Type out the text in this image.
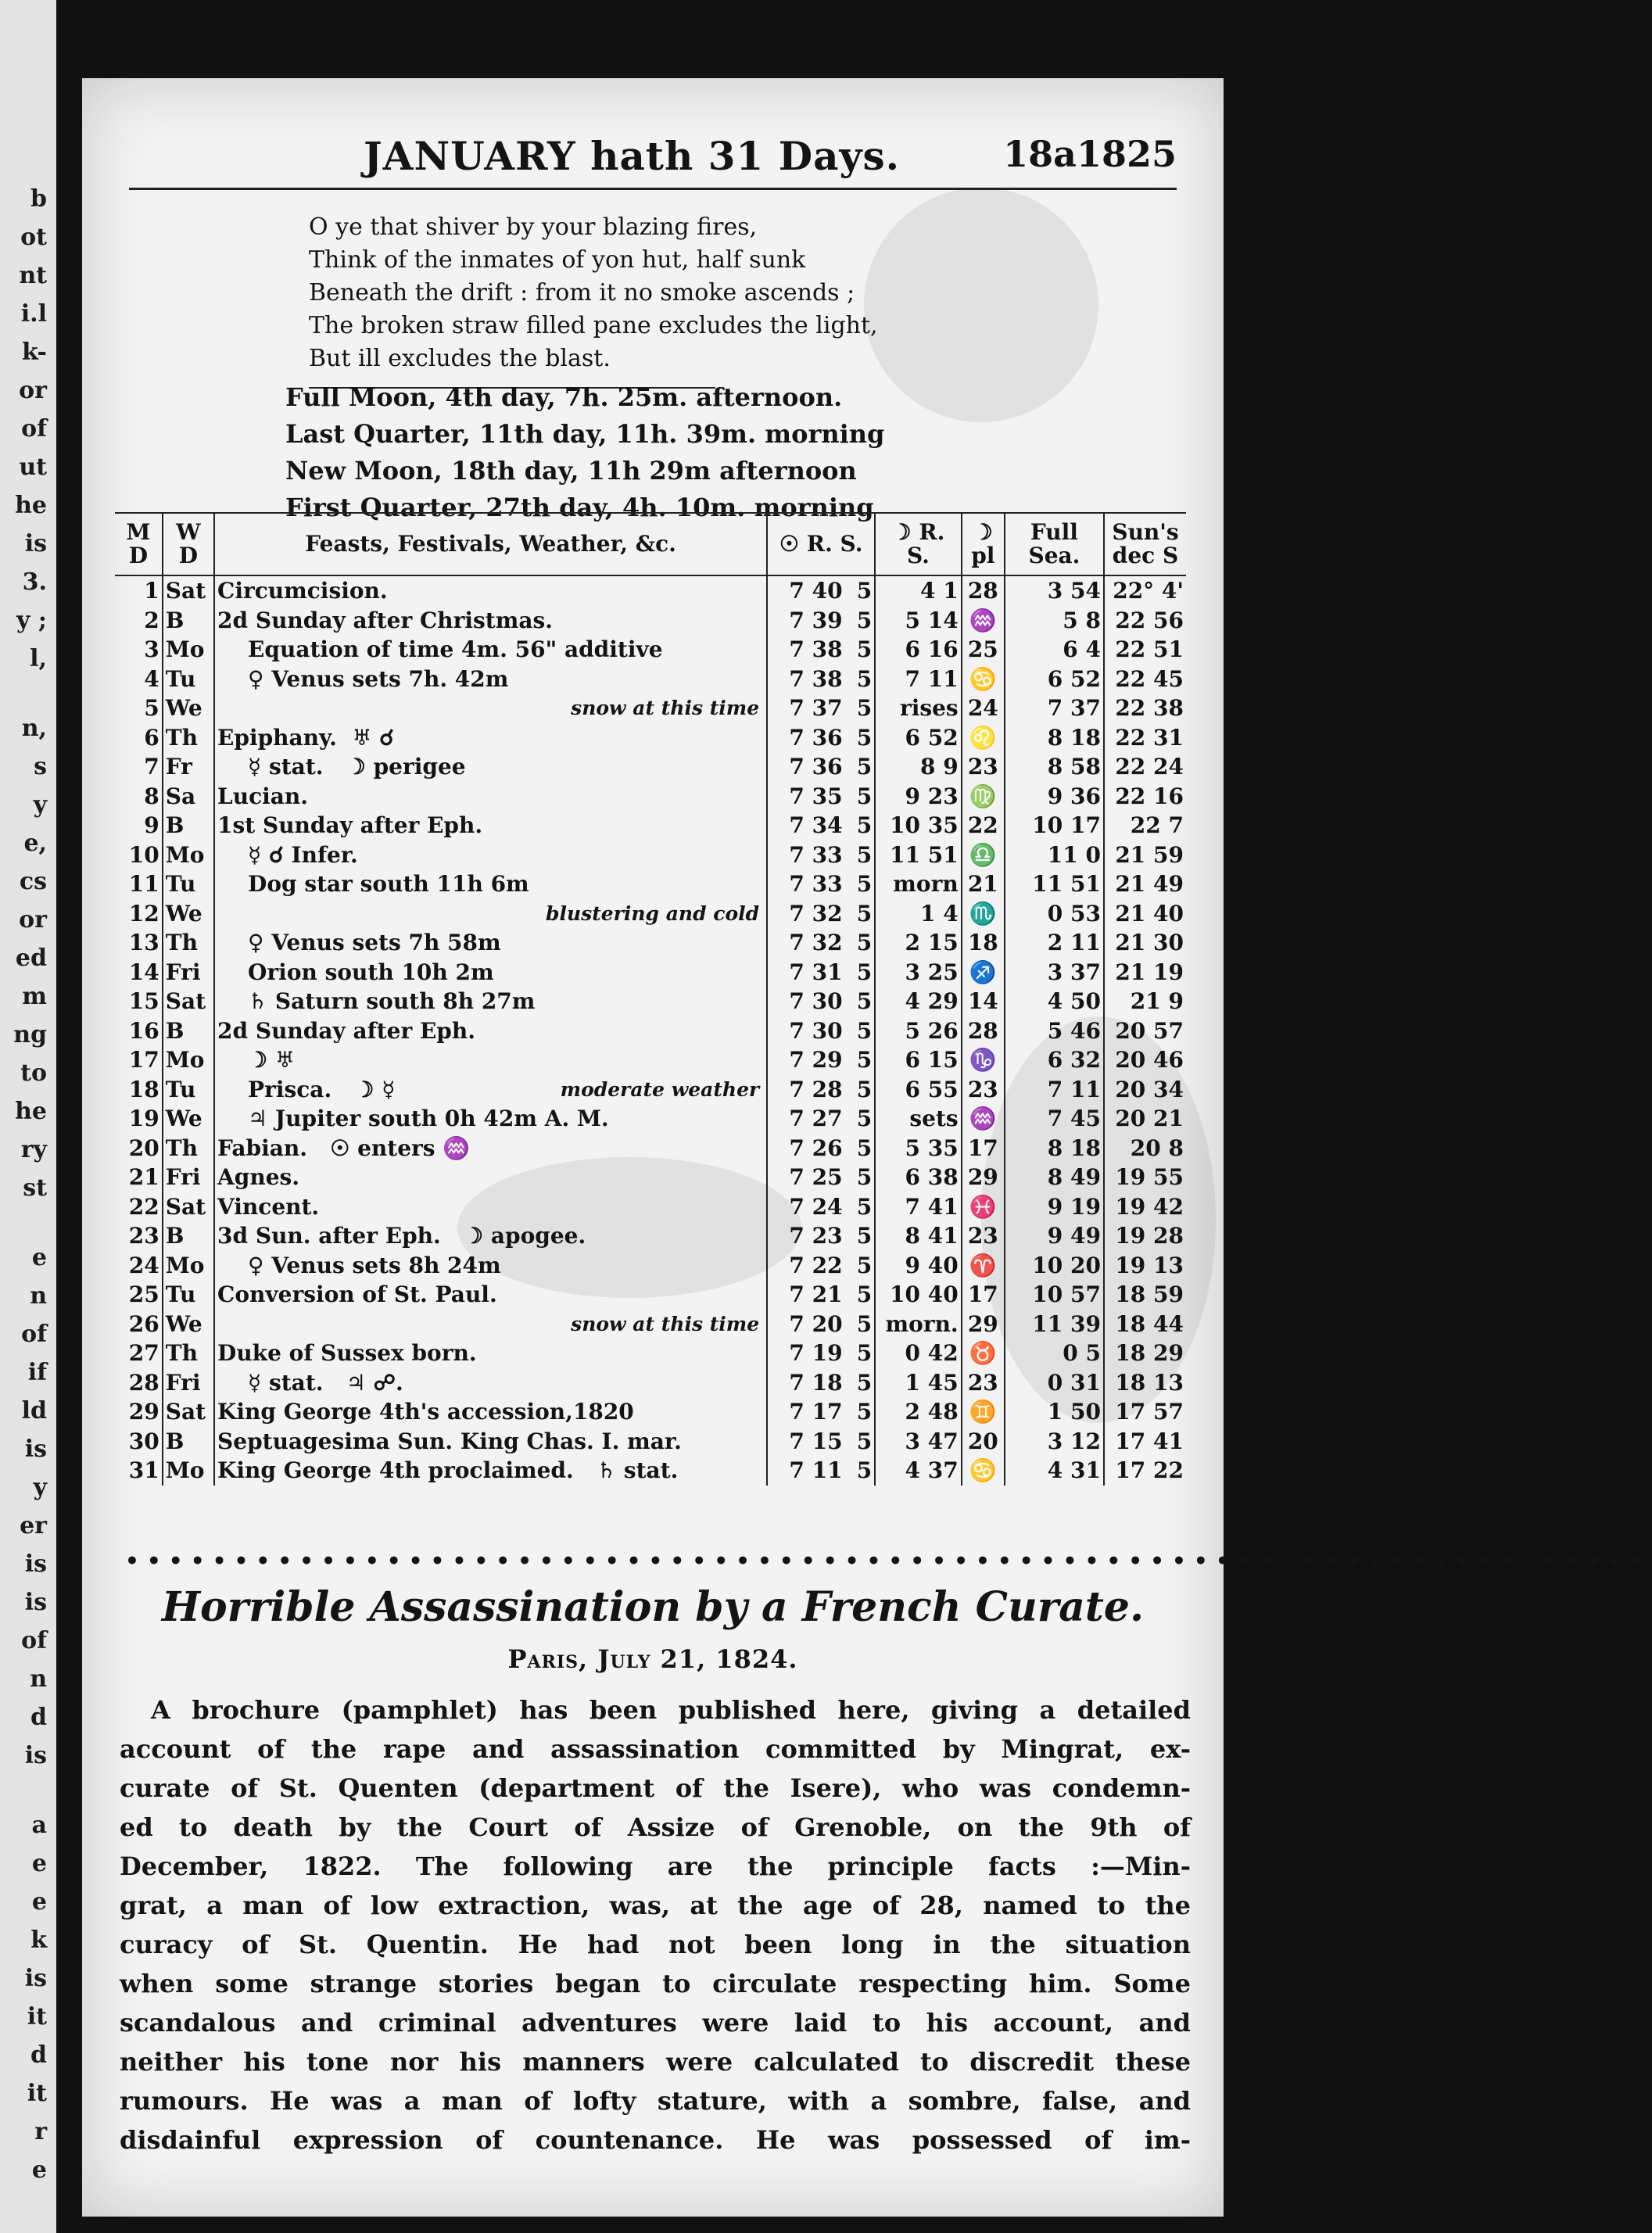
b
ot
nt
i.l
k-
or
of
ut
he
is
3.
y ;
l,
n,
s
y
e,
cs
or
ed
m
ng
to
he
ry
st
e
n
of
if
ld
is
y
er
is
is
of
n
d
is
a
e
e
k
is
it
d
it
r
e
JANUARY hath 31 Days.	18a1825
O ye that shiver by your blazing fires,
Think of the inmates of yon hut, half sunk
Beneath the drift : from it no smoke ascends ;
The broken straw filled pane excludes the light,
But ill excludes the blast.
Full Moon, 4th day, 7h. 25m. afternoon.
Last Quarter, 11th day, 11h. 39m. morning
New Moon, 18th day, 11h 29m afternoon
First Quarter, 27th day, 4h. 10m. morning
M D	W D	Feasts, Festivals, Weather, &c.	☉ R. S.		☽ R. S.	☽ pl	Full Sea.	Sun's dec S
1	Sat	Circumcision.	7 40	5	4 1	28	3 54	22° 4'
2	B	2d Sunday after Christmas.	7 39	5	5 14	♒	5 8	22 56
3	Mo	Equation of time 4m. 56" additive	7 38	5	6 16	25	6 4	22 51
4	Tu	♀ Venus sets 7h. 42m	7 38	5	7 11	♋	6 52	22 45
5	We	snow at this time	7 37	5	rises	24	7 37	22 38
6	Th	Epiphany.  ♅ ☌	7 36	5	6 52	♌	8 18	22 31
7	Fr	☿ stat.   ☽ perigee	7 36	5	8 9	23	8 58	22 24
8	Sa	Lucian.	7 35	5	9 23	♍	9 36	22 16
9	B	1st Sunday after Eph.	7 34	5	10 35	22	10 17	22 7
10	Mo	☿ ☌ Infer.	7 33	5	11 51	♎	11 0	21 59
11	Tu	Dog star south 11h 6m	7 33	5	morn	21	11 51	21 49
12	We	blustering and cold	7 32	5	1 4	♏	0 53	21 40
13	Th	♀ Venus sets 7h 58m	7 32	5	2 15	18	2 11	21 30
14	Fri	Orion south 10h 2m	7 31	5	3 25	♐	3 37	21 19
15	Sat	♄ Saturn south 8h 27m	7 30	5	4 29	14	4 50	21 9
16	B	2d Sunday after Eph.	7 30	5	5 26	28	5 46	20 57
17	Mo	☽ ♅	7 29	5	6 15	♑	6 32	20 46
18	Tu	Prisca.   ☽ ☿ moderate weather	7 28	5	6 55	23	7 11	20 34
19	We	♃ Jupiter south 0h 42m A. M.	7 27	5	sets	♒	7 45	20 21
20	Th	Fabian.   ☉ enters ♒	7 26	5	5 35	17	8 18	20 8
21	Fri	Agnes.	7 25	5	6 38	29	8 49	19 55
22	Sat	Vincent.	7 24	5	7 41	♓	9 19	19 42
23	B	3d Sun. after Eph.   ☽ apogee.	7 23	5	8 41	23	9 49	19 28
24	Mo	♀ Venus sets 8h 24m	7 22	5	9 40	♈	10 20	19 13
25	Tu	Conversion of St. Paul.	7 21	5	10 40	17	10 57	18 59
26	We	snow at this time	7 20	5	morn.	29	11 39	18 44
27	Th	Duke of Sussex born.	7 19	5	0 42	♉	0 5	18 29
28	Fri	☿ stat.   ♃ ☍.	7 18	5	1 45	23	0 31	18 13
29	Sat	King George 4th's accession,1820	7 17	5	2 48	♊	1 50	17 57
30	B	Septuagesima Sun. King Chas. I. mar.	7 15	5	3 47	20	3 12	17 41
31	Mo	King George 4th proclaimed.   ♄ stat.	7 11	5	4 37	♋	4 31	17 22
••••••••••••••••••••••••••••••••••••••••••••••••••••••••••••••••••••••
Horrible Assassination by a French Curate.
Paris, July 21, 1824.
A brochure (pamphlet) has been published here, giving a detailed
account of the rape and assassination committed by Mingrat, ex-
curate of St. Quenten (department of the Isere), who was condemn-
ed to death by the Court of Assize of Grenoble, on the 9th of
December, 1822. The following are the principle facts :—Min-
grat, a man of low extraction, was, at the age of 28, named to the
curacy of St. Quentin. He had not been long in the situation
when some strange stories began to circulate respecting him. Some
scandalous and criminal adventures were laid to his account, and
neither his tone nor his manners were calculated to discredit these
rumours. He was a man of lofty stature, with a sombre, false, and
disdainful expression of countenance. He was possessed of im-
